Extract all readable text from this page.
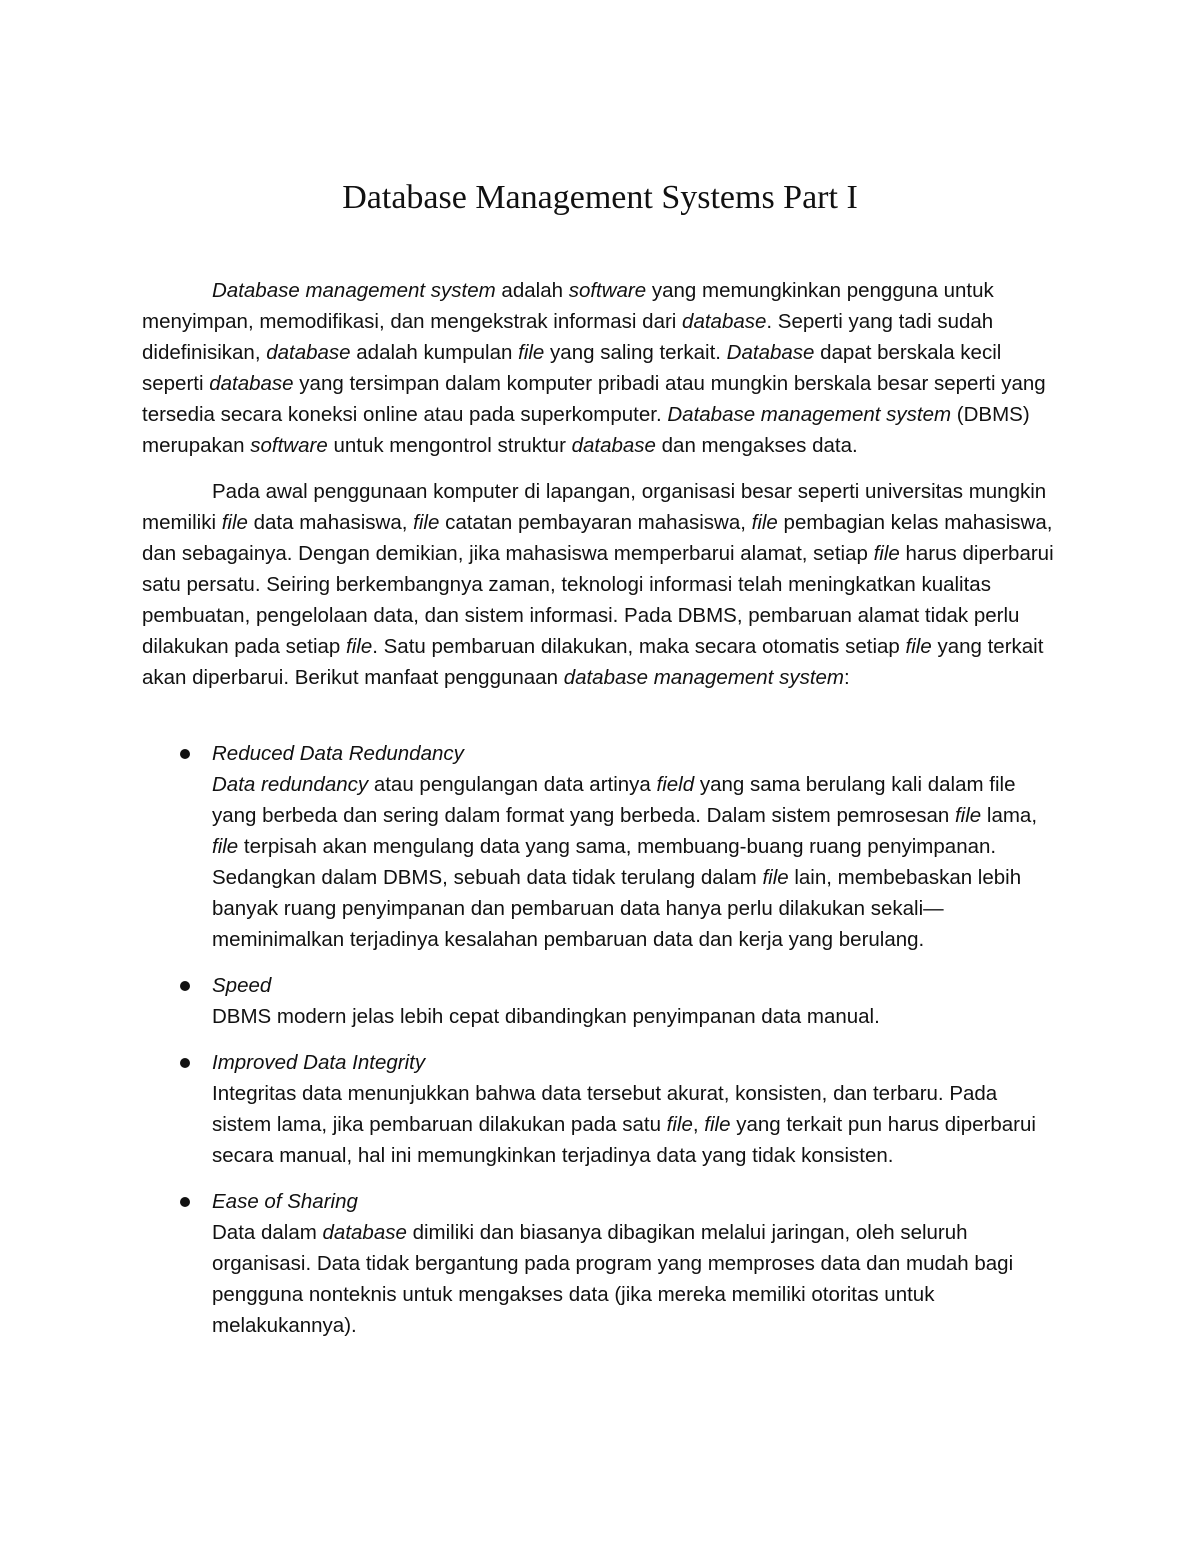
Database Management Systems Part I

Database management system adalah software yang memungkinkan pengguna untuk menyimpan, memodifikasi, dan mengekstrak informasi dari database. Seperti yang tadi sudah didefinisikan, database adalah kumpulan file yang saling terkait. Database dapat berskala kecil seperti database yang tersimpan dalam komputer pribadi atau mungkin berskala besar seperti yang tersedia secara koneksi online atau pada superkomputer. Database management system (DBMS) merupakan software untuk mengontrol struktur database dan mengakses data.

Pada awal penggunaan komputer di lapangan, organisasi besar seperti universitas mungkin memiliki file data mahasiswa, file catatan pembayaran mahasiswa, file pembagian kelas mahasiswa, dan sebagainya. Dengan demikian, jika mahasiswa memperbarui alamat, setiap file harus diperbarui satu persatu. Seiring berkembangnya zaman, teknologi informasi telah meningkatkan kualitas pembuatan, pengelolaan data, dan sistem informasi. Pada DBMS, pembaruan alamat tidak perlu dilakukan pada setiap file. Satu pembaruan dilakukan, maka secara otomatis setiap file yang terkait akan diperbarui. Berikut manfaat penggunaan database management system:

Reduced Data Redundancy
Data redundancy atau pengulangan data artinya field yang sama berulang kali dalam file yang berbeda dan sering dalam format yang berbeda. Dalam sistem pemrosesan file lama, file terpisah akan mengulang data yang sama, membuang-buang ruang penyimpanan. Sedangkan dalam DBMS, sebuah data tidak terulang dalam file lain, membebaskan lebih banyak ruang penyimpanan dan pembaruan data hanya perlu dilakukan sekali—meminimalkan terjadinya kesalahan pembaruan data dan kerja yang berulang.
Speed
DBMS modern jelas lebih cepat dibandingkan penyimpanan data manual.
Improved Data Integrity
Integritas data menunjukkan bahwa data tersebut akurat, konsisten, dan terbaru. Pada sistem lama, jika pembaruan dilakukan pada satu file, file yang terkait pun harus diperbarui secara manual, hal ini memungkinkan terjadinya data yang tidak konsisten.
Ease of Sharing
Data dalam database dimiliki dan biasanya dibagikan melalui jaringan, oleh seluruh organisasi. Data tidak bergantung pada program yang memproses data dan mudah bagi pengguna nonteknis untuk mengakses data (jika mereka memiliki otoritas untuk melakukannya).
